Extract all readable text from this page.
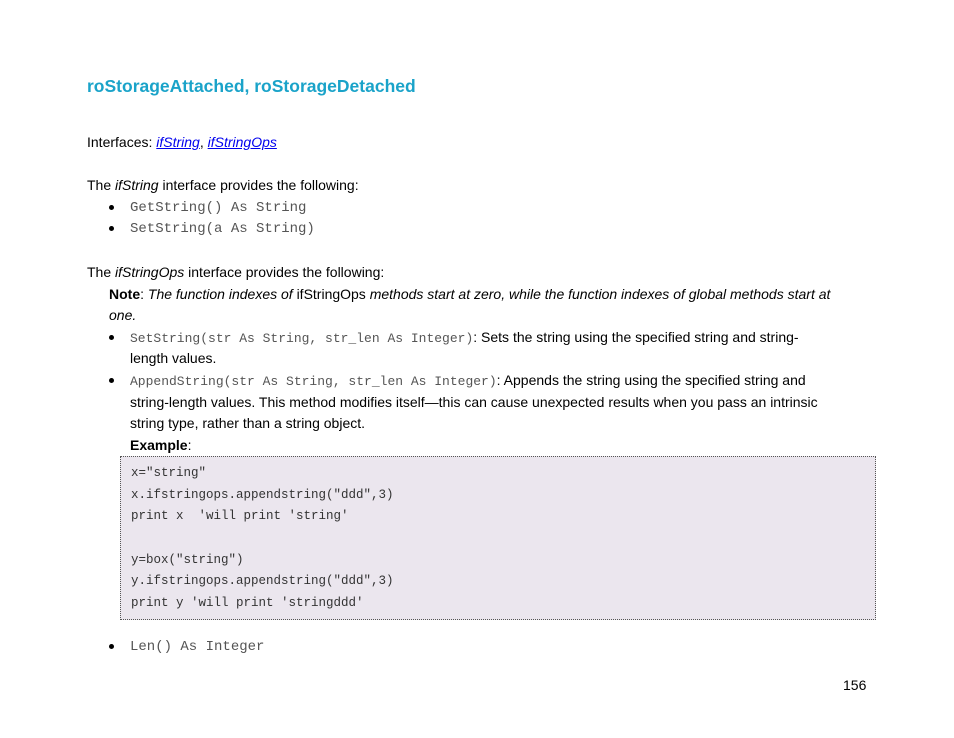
roStorageAttached, roStorageDetached
Interfaces: ifString, ifStringOps
The ifString interface provides the following:
GetString() As String
SetString(a As String)
The ifStringOps interface provides the following:
Note: The function indexes of ifStringOps methods start at zero, while the function indexes of global methods start at
one.
SetString(str As String, str_len As Integer): Sets the string using the specified string and string-
length values.
AppendString(str As String, str_len As Integer): Appends the string using the specified string and
string-length values. This method modifies itself—this can cause unexpected results when you pass an intrinsic
string type, rather than a string object.
Example:
x="string"
x.ifstringops.appendstring("ddd",3)
print x  'will print 'string'
y=box("string")
y.ifstringops.appendstring("ddd",3)
print y 'will print 'stringddd'
Len() As Integer
156
